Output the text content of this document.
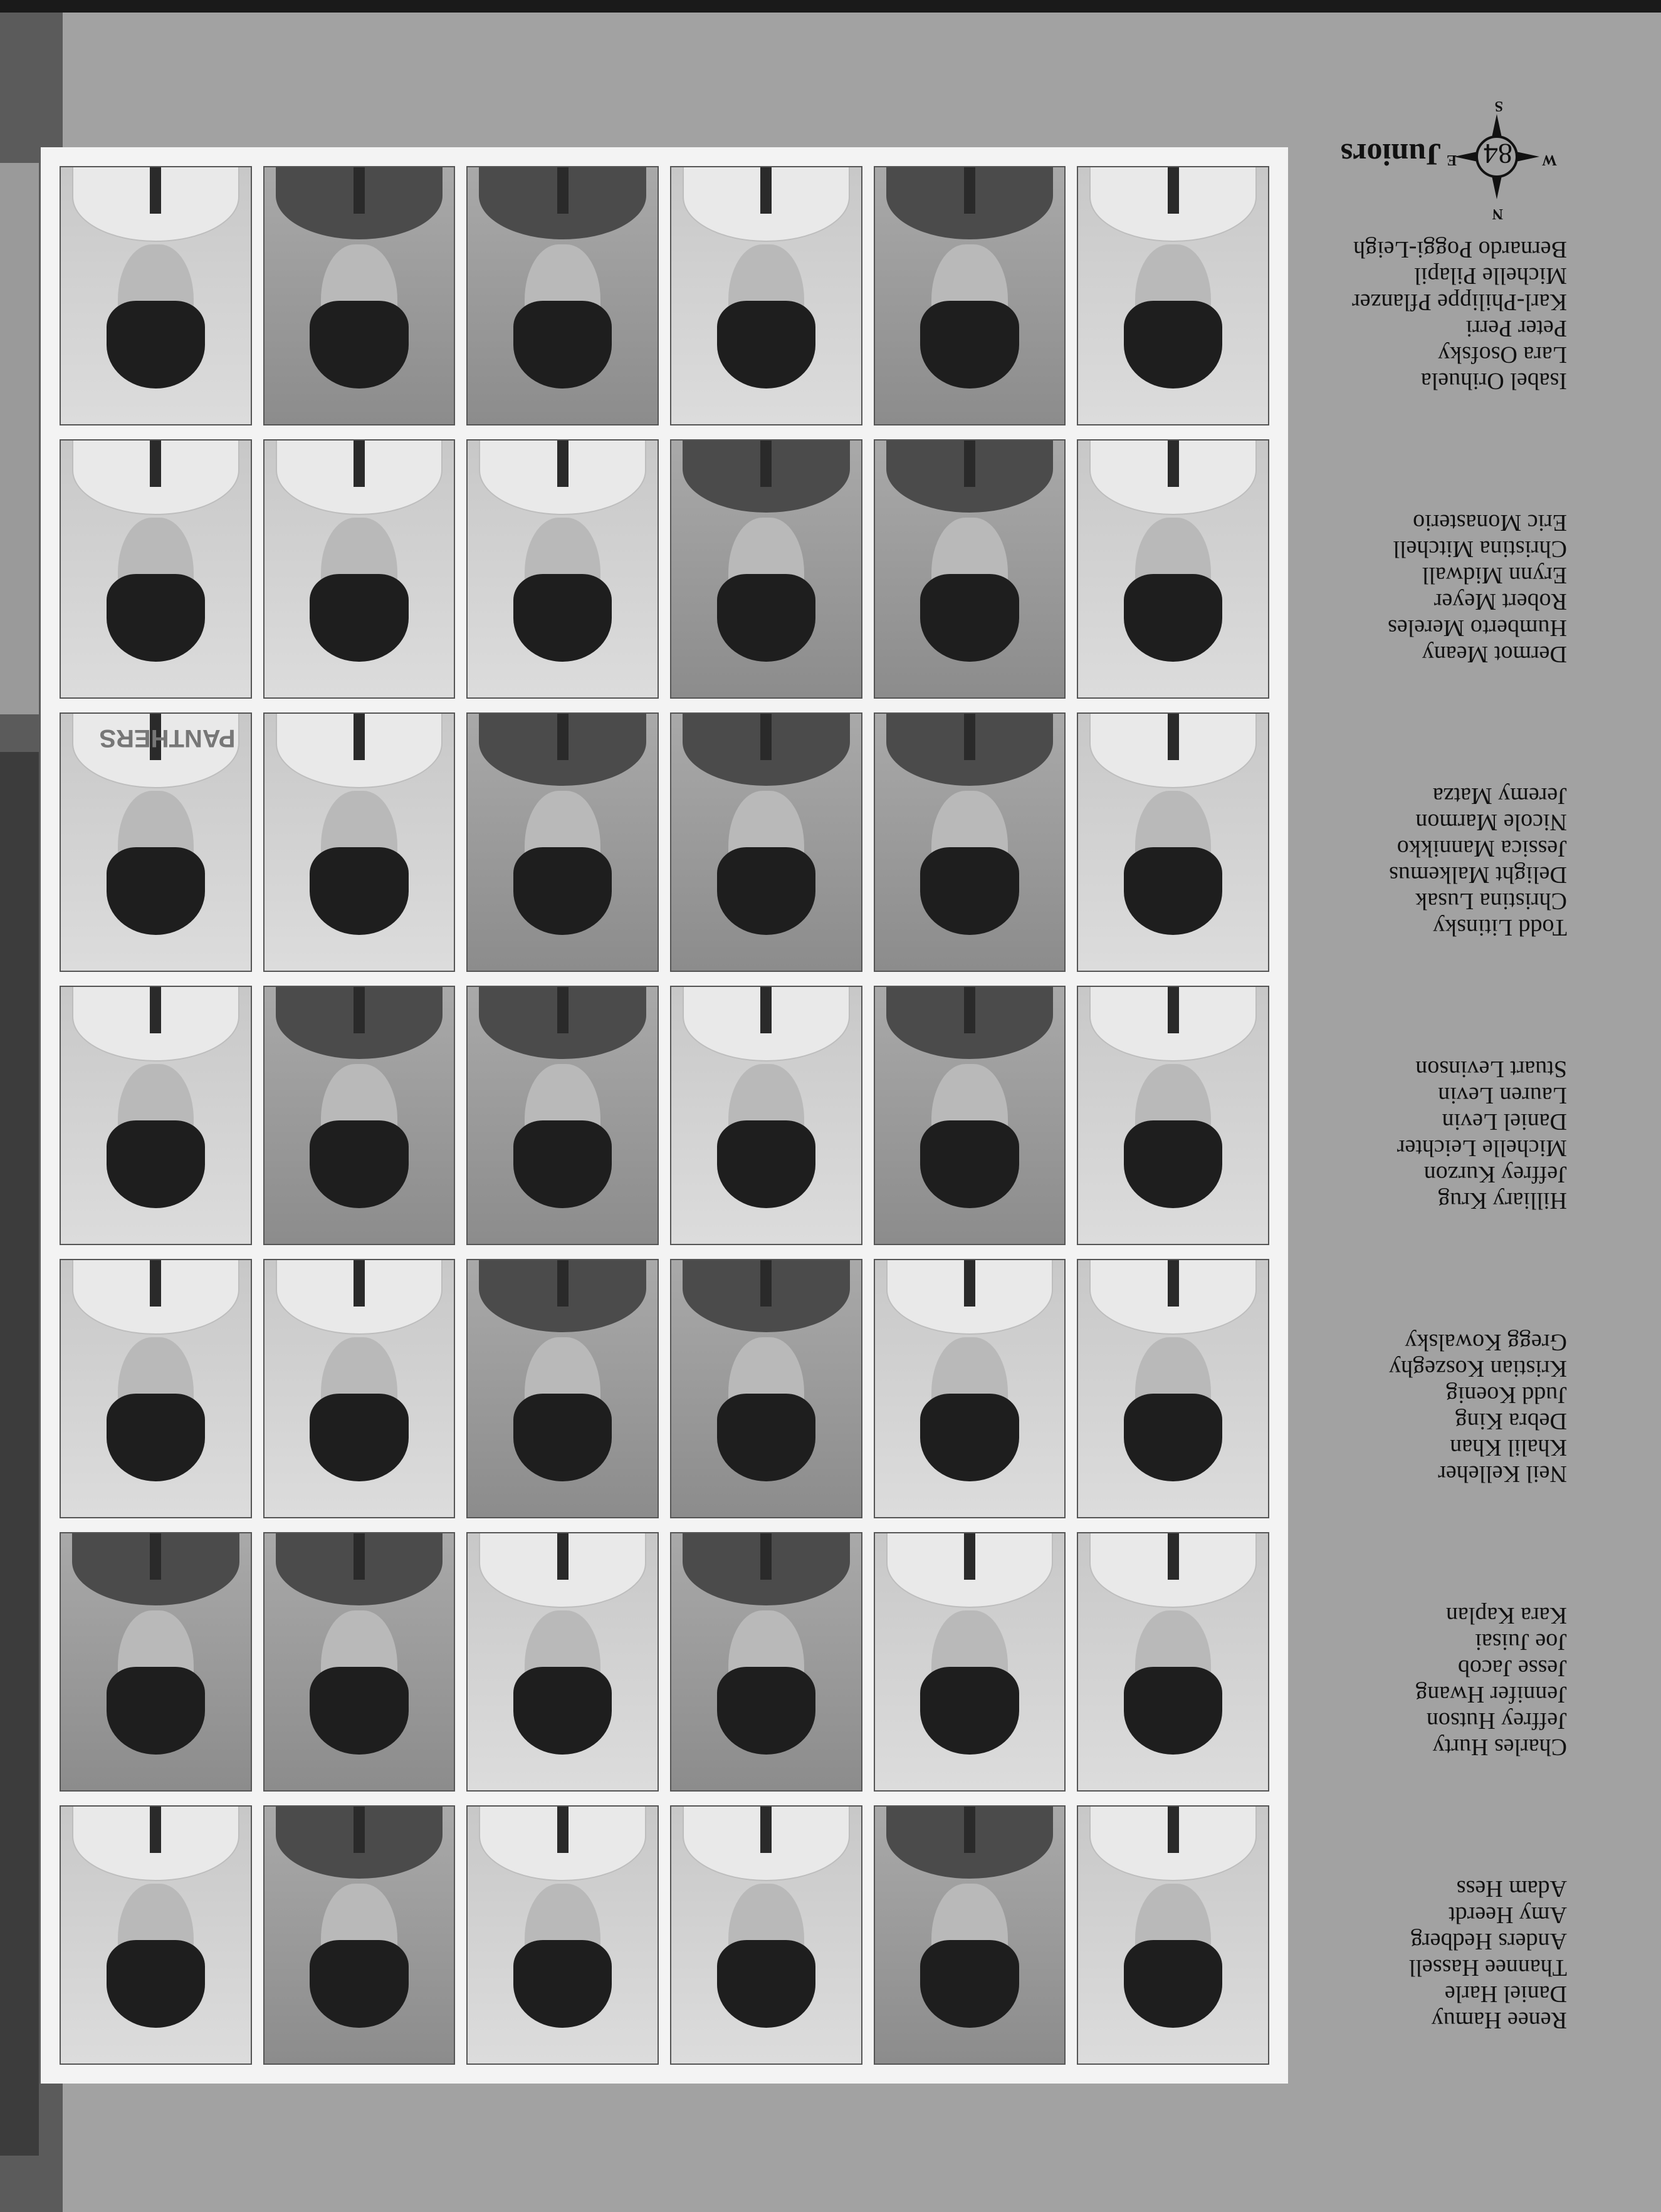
N
S
W
E 84
Juniors
Renee Hamuy
Daniel Harle
Thannee Hassell
Anders Hedberg
Amy Heerdt
Adam Hess
Charles Hurty
Jeffrey Hutson
Jennifer Hwang
Jesse Jacob
Joe Juisai
Kara Kaplan
Neil Kelleher
Khalil Khan
Debra King
Judd Koenig
Kristian Koszeghy
Gregg Kowalsky
Hilliary Krug
Jeffrey Kurzon
Michelle Leichter
Daniel Levin
Lauren Levin
Stuart Levinson
Todd Litinsky
Christina Lusak
Delight Malkemus
Jessica Mannikko
Nicole Marmon
Jeremy Matza
Dermot Meany
Humberto Mereles
Robert Meyer
Erynn Midwall
Christina Mitchell
Eric Monasterio
Isabel Orihuela
Lara Osofsky
Peter Perri
Karl-Philippe Pflanzer
Michelle Pilapil
Bernardo Poggi-Leigh
PANTHERS
